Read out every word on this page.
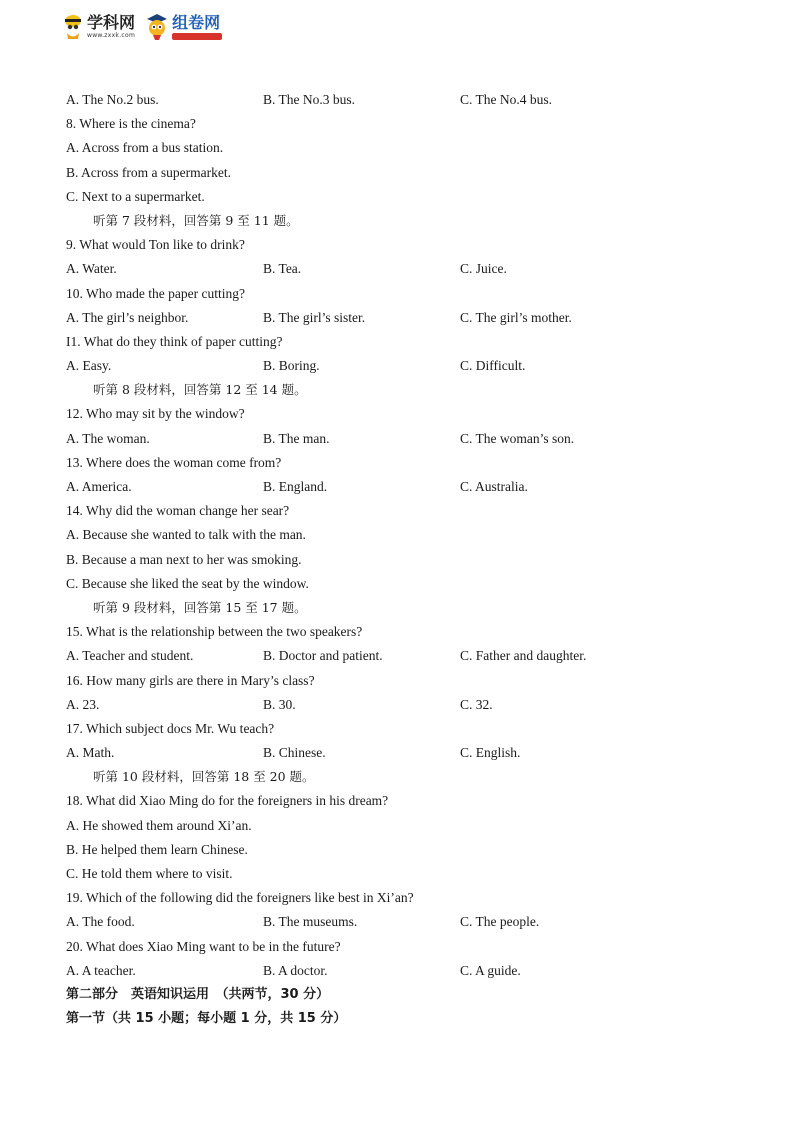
学科网
www.zxxk.com
组卷网
A. The No.2 bus.	B. The No.3 bus.	C. The No.4 bus.
8. Where is the cinema?
A. Across from a bus station.
B. Across from a supermarket.
C. Next to a supermarket.
听第 7 段材料，回答第 9 至 11 题。
9. What would Ton like to drink?
A. Water.	B. Tea.	C. Juice.
10. Who made the paper cutting?
A. The girl’s neighbor.	B. The girl’s sister.	C. The girl’s mother.
I1. What do they think of paper cutting?
A. Easy.	B. Boring.	C. Difficult.
听第 8 段材料，回答第 12 至 14 题。
12. Who may sit by the window?
A. The woman.	B. The man.	C. The woman’s son.
13. Where does the woman come from?
A. America.	B. England.	C. Australia.
14. Why did the woman change her sear?
A. Because she wanted to talk with the man.
B. Because a man next to her was smoking.
C. Because she liked the seat by the window.
听第 9 段材料，回答第 15 至 17 题。
15. What is the relationship between the two speakers?
A. Teacher and student.	B. Doctor and patient.	C. Father and daughter.
16. How many girls are there in Mary’s class?
A. 23.	B. 30.	C. 32.
17. Which subject docs Mr. Wu teach?
A. Math.	B. Chinese.	C. English.
听第 10 段材料，回答第 18 至 20 题。
18. What did Xiao Ming do for the foreigners in his dream?
A. He showed them around Xi’an.
B. He helped them learn Chinese.
C. He told them where to visit.
19. Which of the following did the foreigners like best in Xi’an?
A. The food.	B. The museums.	C. The people.
20. What does Xiao Ming want to be in the future?
A. A teacher.	B. A doctor.	C. A guide.
第二部分　英语知识运用　（共两节，30 分）
第一节（共 15 小题；每小题 1 分，共 15 分）
